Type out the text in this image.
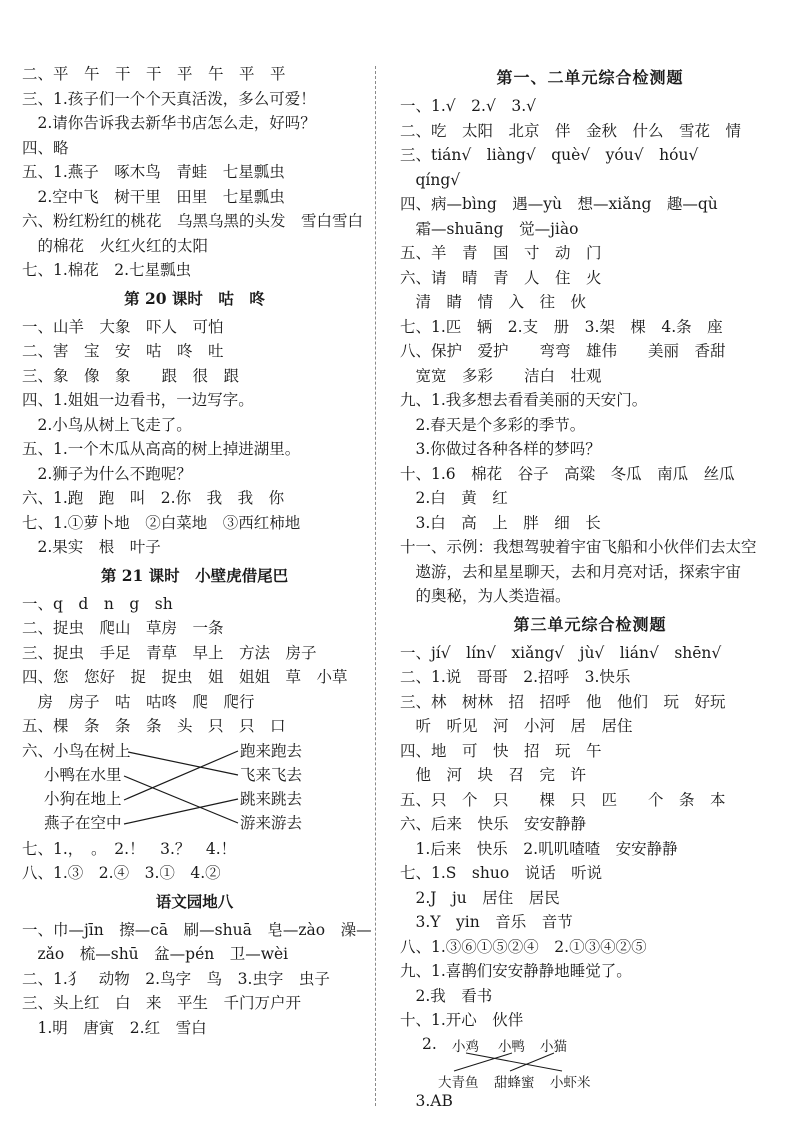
二、平　午　干　干　平　午　平　平
三、1.孩子们一个个天真活泼，多么可爱！
　2.请你告诉我去新华书店怎么走，好吗？
四、略
五、1.燕子　啄木鸟　青蛙　七星瓢虫
　2.空中飞　树干里　田里　七星瓢虫
六、粉红粉红的桃花　乌黑乌黑的头发　雪白雪白
　的棉花　火红火红的太阳
七、1.棉花　2.七星瓢虫
第 20 课时　咕　咚
一、山羊　大象　吓人　可怕
二、害　宝　安　咕　咚　吐
三、象　像　象　　跟　很　跟
四、1.姐姐一边看书，一边写字。
　2.小鸟从树上飞走了。
五、1.一个木瓜从高高的树上掉进湖里。
　2.狮子为什么不跑呢？
六、1.跑　跑　叫　2.你　我　我　你
七、1.①萝卜地　②白菜地　③西红柿地
　2.果实　根　叶子
第 21 课时　小壁虎借尾巴
一、q　d　n　g　sh
二、捉虫　爬山　草房　一条
三、捉虫　手足　青草　早上　方法　房子
四、您　您好　捉　捉虫　姐　姐姐　草　小草
　房　房子　咕　咕咚　爬　爬行
五、棵　条　条　条　头　只　只　口
六、小鸟在树上
小鸭在水里
小狗在地上
燕子在空中
跑来跑去
飞来飞去
跳来跳去
游来游去
七、1.，　。　2.！　3.？　4.！
八、1.③　2.④　3.①　4.②
语文园地八
一、巾—jīn　擦—cā　刷—shuā　皂—zào　澡—
　zǎo　梳—shū　盆—pén　卫—wèi
二、1.犭　动物　2.鸟字　鸟　3.虫字　虫子
三、头上红　白　来　平生　千门万户开
　1.明　唐寅　2.红　雪白
第一、二单元综合检测题
一、1.√　2.√　3.√
二、吃　太阳　北京　伴　金秋　什么　雪花　情
三、tián√　liàng√　què√　yóu√　hóu√
　qíng√
四、病—bìng　遇—yù　想—xiǎng　趣—qù
　霜—shuāng　觉—jiào
五、羊　青　国　寸　动　门
六、请　晴　青　人　住　火
　清　睛　情　入　往　伙
七、1.匹　辆　2.支　册　3.架　棵　4.条　座
八、保护　爱护　　弯弯　雄伟　　美丽　香甜
　宽宽　多彩　　洁白　壮观
九、1.我多想去看看美丽的天安门。
　2.春天是个多彩的季节。
　3.你做过各种各样的梦吗？
十、1.6　棉花　谷子　高粱　冬瓜　南瓜　丝瓜
　2.白　黄　红
　3.白　高　上　胖　细　长
十一、示例：我想驾驶着宇宙飞船和小伙伴们去太空
　遨游，去和星星聊天，去和月亮对话，探索宇宙
　的奥秘，为人类造福。
第三单元综合检测题
一、jí√　lín√　xiǎng√　jù√　lián√　shēn√
二、1.说　哥哥　2.招呼　3.快乐
三、林　树林　招　招呼　他　他们　玩　好玩
　听　听见　河　小河　居　居住
四、地　可　快　招　玩　午
　他　河　块　召　完　许
五、只　个　只　　棵　只　匹　　个　条　本
六、后来　快乐　安安静静
　1.后来　快乐　2.叽叽喳喳　安安静静
七、1.S　shuo　说话　听说
　2.J　ju　居住　居民
　3.Y　yin　音乐　音节
八、1.③⑥①⑤②④　2.①③④②⑤
九、1.喜鹊们安安静静地睡觉了。
　2.我　看书
十、1.开心　伙伴
2. 小鸡 小鸭 小猫
大青鱼 甜蜂蜜 小虾米
　3.AB
